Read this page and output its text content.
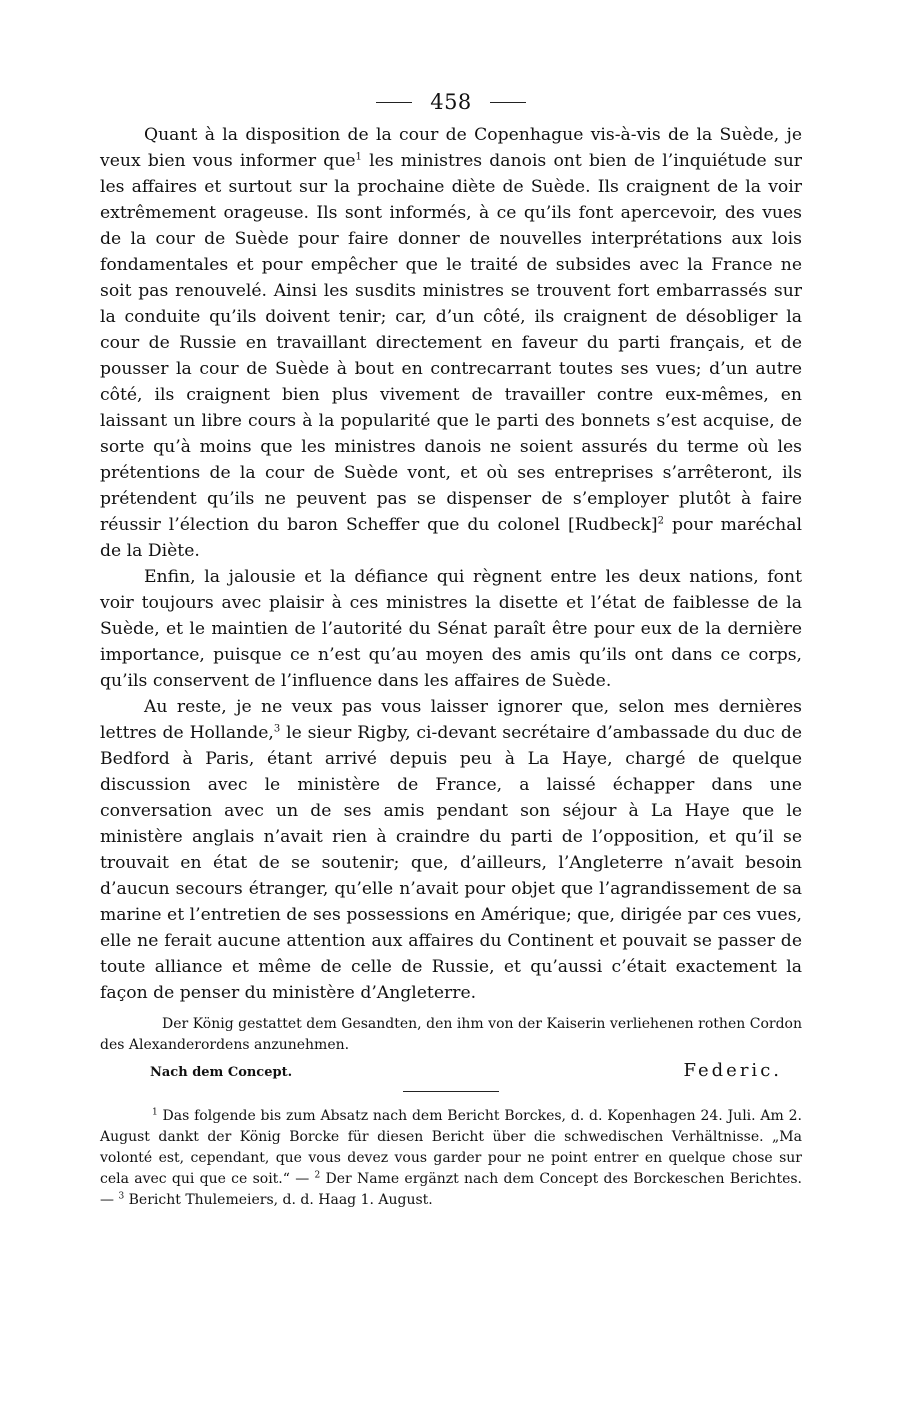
458

Quant à la disposition de la cour de Copenhague vis-à-vis de la Suède, je veux bien vous informer que$^1$ les ministres danois ont bien de l’inquiétude sur les affaires et surtout sur la prochaine diète de Suède. Ils craignent de la voir extrêmement orageuse. Ils sont informés, à ce qu’ils font apercevoir, des vues de la cour de Suède pour faire donner de nouvelles interprétations aux lois fondamentales et pour empêcher que le traité de subsides avec la France ne soit pas renouvelé. Ainsi les susdits ministres se trouvent fort embarrassés sur la conduite qu’ils doivent tenir; car, d’un côté, ils craignent de désobliger la cour de Russie en travaillant directement en faveur du parti français, et de pousser la cour de Suède à bout en contrecarrant toutes ses vues; d’un autre côté, ils craignent bien plus vivement de travailler contre eux-mêmes, en laissant un libre cours à la popularité que le parti des bonnets s’est acquise, de sorte qu’à moins que les ministres danois ne soient assurés du terme où les prétentions de la cour de Suède vont, et où ses entreprises s’arrêteront, ils prétendent qu’ils ne peuvent pas se dispenser de s’employer plutôt à faire réussir l’élection du baron Scheffer que du colonel [Rudbeck]$^2$ pour maréchal de la Diète.

Enfin, la jalousie et la défiance qui règnent entre les deux nations, font voir toujours avec plaisir à ces ministres la disette et l’état de faiblesse de la Suède, et le maintien de l’autorité du Sénat paraît être pour eux de la dernière importance, puisque ce n’est qu’au moyen des amis qu’ils ont dans ce corps, qu’ils conservent de l’influence dans les affaires de Suède.

Au reste, je ne veux pas vous laisser ignorer que, selon mes dernières lettres de Hollande,$^3$ le sieur Rigby, ci-devant secrétaire d’ambassade du duc de Bedford à Paris, étant arrivé depuis peu à La Haye, chargé de quelque discussion avec le ministère de France, a laissé échapper dans une conversation avec un de ses amis pendant son séjour à La Haye que le ministère anglais n’avait rien à craindre du parti de l’opposition, et qu’il se trouvait en état de se soutenir; que, d’ailleurs, l’Angleterre n’avait besoin d’aucun secours étranger, qu’elle n’avait pour objet que l’agrandissement de sa marine et l’entretien de ses possessions en Amérique; que, dirigée par ces vues, elle ne ferait aucune attention aux affaires du Continent et pouvait se passer de toute alliance et même de celle de Russie, et qu’aussi c’était exactement la façon de penser du ministère d’Angleterre.

Der König gestattet dem Gesandten, den ihm von der Kaiserin verliehenen rothen Cordon des Alexanderordens anzunehmen.
Nach dem Concept.	Federic.

$^1$ Das folgende bis zum Absatz nach dem Bericht Borckes, d. d. Kopenhagen 24. Juli. Am 2. August dankt der König Borcke für diesen Bericht über die schwedischen Verhältnisse. „Ma volonté est, cependant, que vous devez vous garder pour ne point entrer en quelque chose sur cela avec qui que ce soit.“ — $^2$ Der Name ergänzt nach dem Concept des Borckeschen Berichtes. — $^3$ Bericht Thulemeiers, d. d. Haag 1. August.
